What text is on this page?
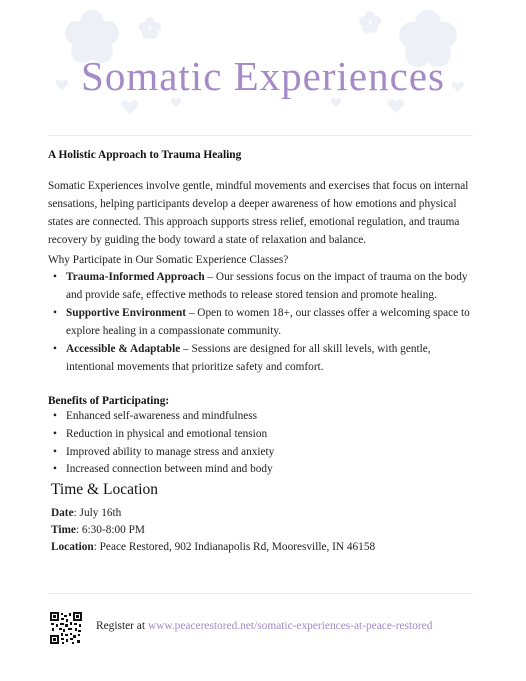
Somatic Experiences
A Holistic Approach to Trauma Healing
Somatic Experiences involve gentle, mindful movements and exercises that focus on internal sensations, helping participants develop a deeper awareness of how emotions and physical states are connected. This approach supports stress relief, emotional regulation, and trauma recovery by guiding the body toward a state of relaxation and balance.
Why Participate in Our Somatic Experience Classes?
• Trauma-Informed Approach – Our sessions focus on the impact of trauma on the body and provide safe, effective methods to release stored tension and promote healing.
• Supportive Environment – Open to women 18+, our classes offer a welcoming space to explore healing in a compassionate community.
• Accessible & Adaptable – Sessions are designed for all skill levels, with gentle, intentional movements that prioritize safety and comfort.
Benefits of Participating:
• Enhanced self-awareness and mindfulness
• Reduction in physical and emotional tension
• Improved ability to manage stress and anxiety
• Increased connection between mind and body
Time & Location
Date: July 16th
Time: 6:30-8:00 PM
Location: Peace Restored, 902 Indianapolis Rd, Mooresville, IN 46158
Register at www.peacerestored.net/somatic-experiences-at-peace-restored
